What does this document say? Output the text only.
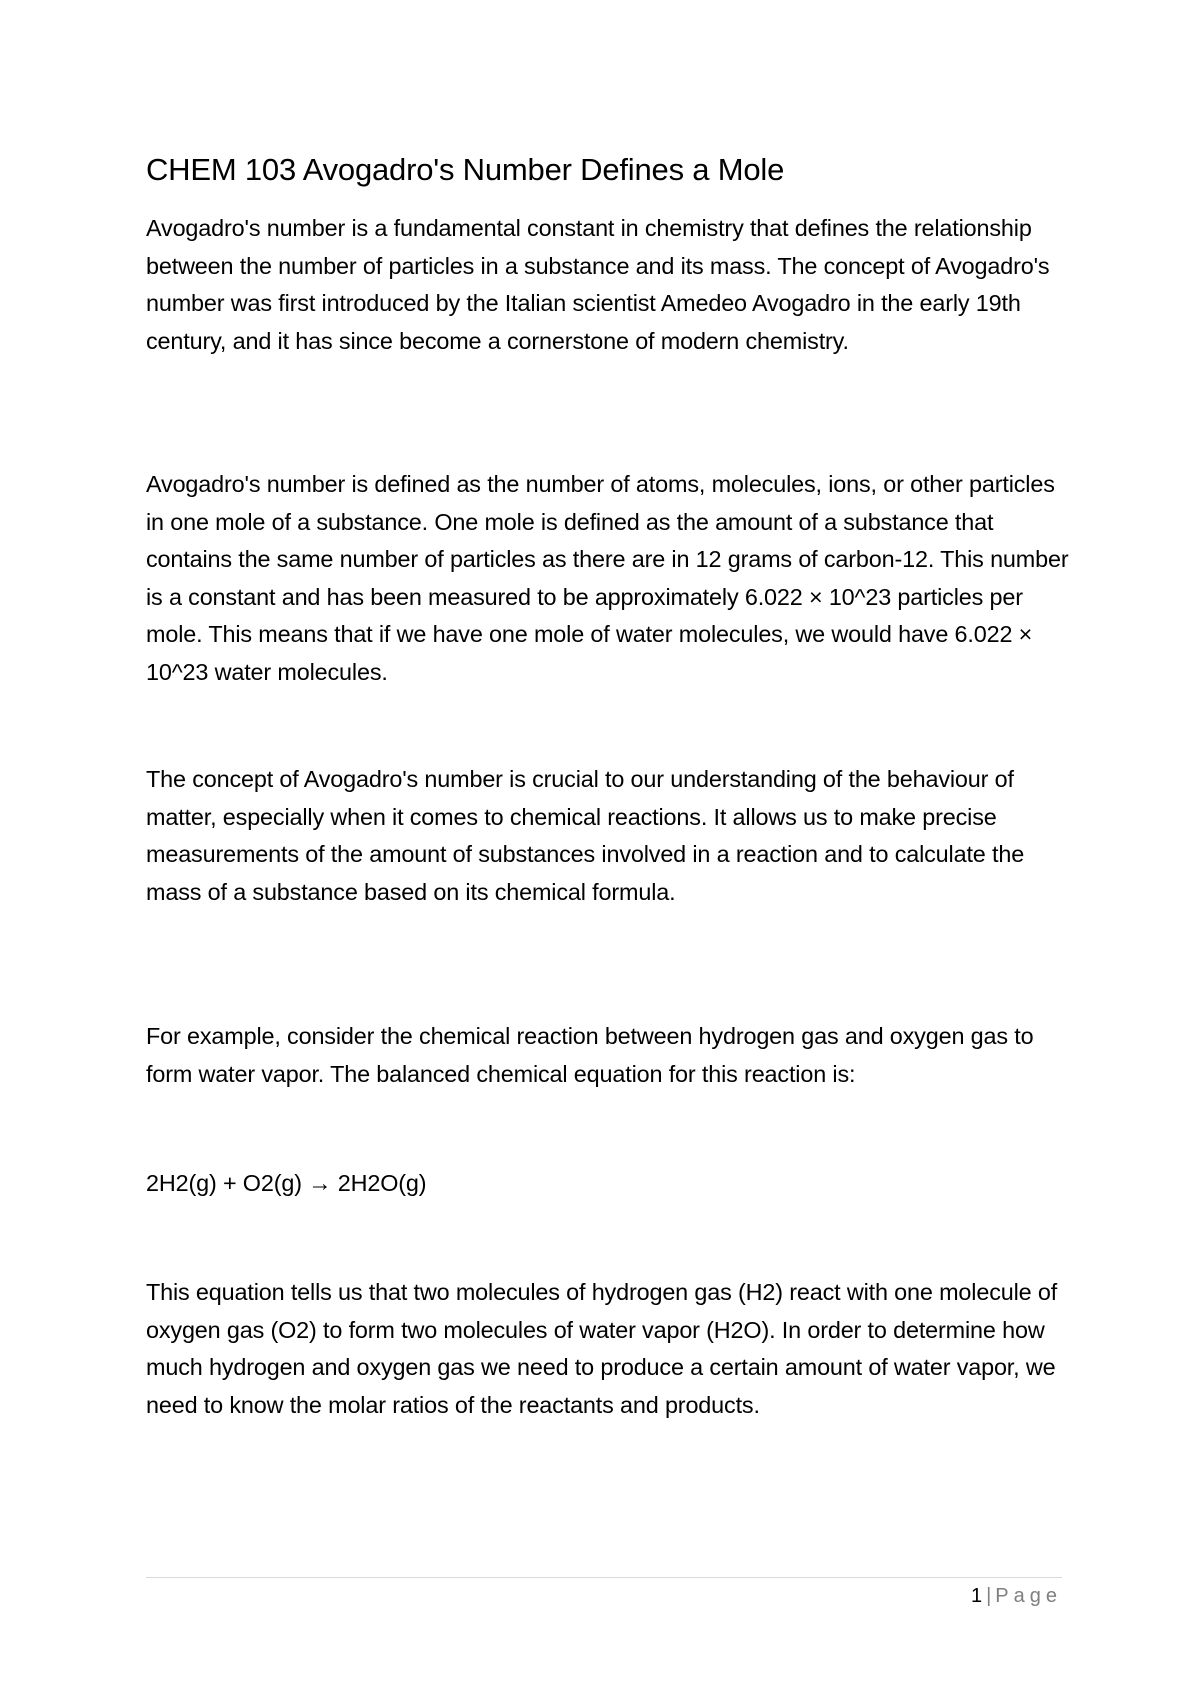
CHEM 103 Avogadro's Number Defines a Mole

Avogadro's number is a fundamental constant in chemistry that defines the relationship between the number of particles in a substance and its mass. The concept of Avogadro's number was first introduced by the Italian scientist Amedeo Avogadro in the early 19th century, and it has since become a cornerstone of modern chemistry.

Avogadro's number is defined as the number of atoms, molecules, ions, or other particles in one mole of a substance. One mole is defined as the amount of a substance that contains the same number of particles as there are in 12 grams of carbon-12. This number is a constant and has been measured to be approximately 6.022 × 10^23 particles per mole. This means that if we have one mole of water molecules, we would have 6.022 × 10^23 water molecules.

The concept of Avogadro's number is crucial to our understanding of the behaviour of matter, especially when it comes to chemical reactions. It allows us to make precise measurements of the amount of substances involved in a reaction and to calculate the mass of a substance based on its chemical formula.

For example, consider the chemical reaction between hydrogen gas and oxygen gas to form water vapor. The balanced chemical equation for this reaction is:

2H2(g) + O2(g) → 2H2O(g)

This equation tells us that two molecules of hydrogen gas (H2) react with one molecule of oxygen gas (O2) to form two molecules of water vapor (H2O). In order to determine how much hydrogen and oxygen gas we need to produce a certain amount of water vapor, we need to know the molar ratios of the reactants and products.

1 | Page
